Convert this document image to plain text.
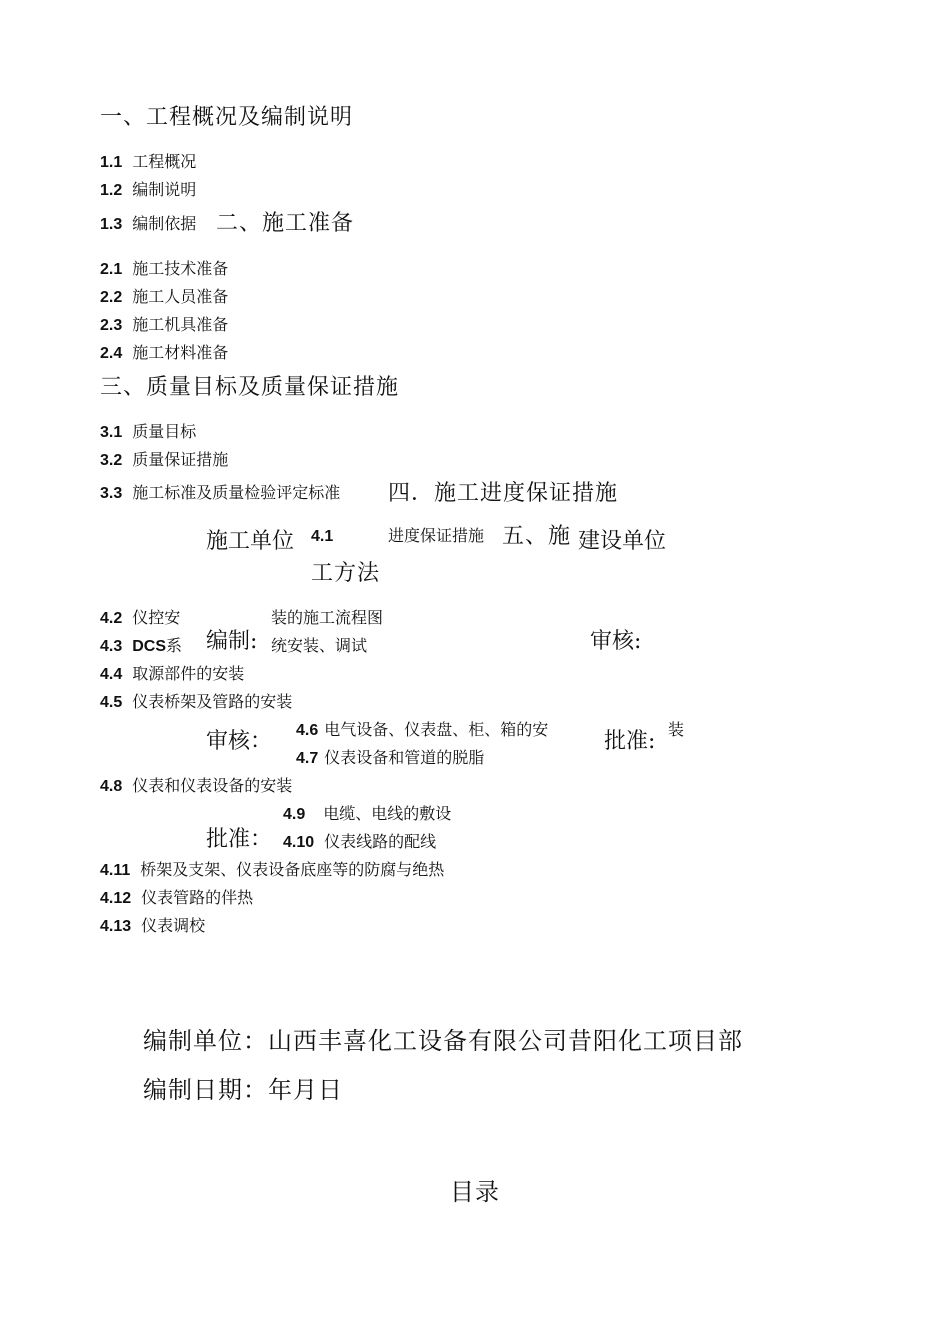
一、工程概况及编制说明
1.1 工程概况
1.2 编制说明
1.3 编制依据 二、施工准备
2.1 施工技术准备
2.2 施工人员准备
2.3 施工机具准备
2.4 施工材料准备
三、质量目标及质量保证措施
3.1 质量目标
3.2 质量保证措施
3.3 施工标准及质量检验评定标准 四．施工进度保证措施
施工单位 4.1	进度保证措施 五、施 建设单位
工方法
4.2 仪控安	装的施工流程图
4.3 DCS系 编制: 统安装、调试	审核:
4.4 取源部件的安装
4.5 仪表桥架及管路的安装
审核： 4.6 电气设备、仪表盘、柜、箱的安	批准: 装
4.7 仪表设备和管道的脱脂
4.8 仪表和仪表设备的安装
4.9 电缆、电线的敷设
批准： 4.10 仪表线路的配线
4.11 桥架及支架、仪表设备底座等的防腐与绝热
4.12 仪表管路的伴热
4.13 仪表调校
编制单位：山西丰喜化工设备有限公司昔阳化工项目部
编制日期：年月日
目录
